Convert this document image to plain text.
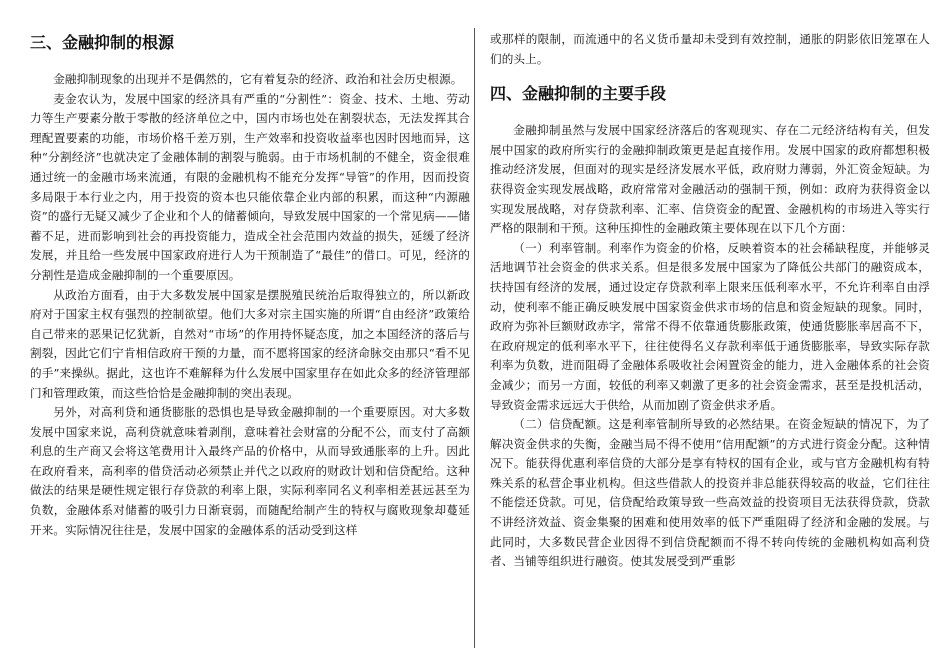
三、金融抑制的根源

金融抑制现象的出现并不是偶然的，它有着复杂的经济、政治和社会历史根源。

麦金农认为，发展中国家的经济具有严重的“分割性”：资金、技术、土地、劳动力等生产要素分散于零散的经济单位之中，国内市场也处在割裂状态，无法发挥其合理配置要素的功能，市场价格千差万别，生产效率和投资收益率也因时因地而异，这种“分割经济”也就决定了金融体制的割裂与脆弱。由于市场机制的不健全，资金很难通过统一的金融市场来流通，有限的金融机构不能充分发挥“导管”的作用，因而投资多局限于本行业之内，用于投资的资本也只能依靠企业内部的积累，而这种“内源融资”的盛行无疑又减少了企业和个人的储蓄倾向，导致发展中国家的一个常见病——储蓄不足，进而影响到社会的再投资能力，造成全社会范围内效益的损失，延缓了经济发展，并且给一些发展中国家政府进行人为干预制造了“最佳”的借口。可见，经济的分割性是造成金融抑制的一个重要原因。

从政治方面看，由于大多数发展中国家是摆脱殖民统治后取得独立的，所以新政府对于国家主权有强烈的控制欲望。他们大多对宗主国实施的所谓“自由经济”政策给自己带来的恶果记忆犹新，自然对“市场”的作用持怀疑态度，加之本国经济的落后与割裂，因此它们宁肯相信政府干预的力量，而不愿将国家的经济命脉交由那只“看不见的手”来操纵。据此，这也许不难解释为什么发展中国家里存在如此众多的经济管理部门和管理政策，而这些恰恰是金融抑制的突出表现。

另外，对高利贷和通货膨胀的恐惧也是导致金融抑制的一个重要原因。对大多数发展中国家来说，高利贷就意味着剥削，意味着社会财富的分配不公，而支付了高额利息的生产商又会将这笔费用计入最终产品的价格中，从而导致通胀率的上升。因此在政府看来，高利率的借贷活动必须禁止并代之以政府的财政计划和信贷配给。这种做法的结果是硬性规定银行存贷款的利率上限，实际利率同名义利率相差甚远甚至为负数，金融体系对储蓄的吸引力日渐衰弱，而随配给制产生的特权与腐败现象却蔓延开来。实际情况往往是，发展中国家的金融体系的活动受到这样

或那样的限制，而流通中的名义货币量却未受到有效控制，通胀的阴影依旧笼罩在人们的头上。

四、金融抑制的主要手段

金融抑制虽然与发展中国家经济落后的客观现实、存在二元经济结构有关，但发展中国家的政府所实行的金融抑制政策更是起直接作用。发展中国家的政府都想积极推动经济发展，但面对的现实是经济发展水平低，政府财力薄弱，外汇资金短缺。为获得资金实现发展战略，政府常常对金融活动的强制干预，例如：政府为获得资金以实现发展战略，对存贷款利率、汇率、信贷资金的配置、金融机构的市场进入等实行严格的限制和干预。这种压抑性的金融政策主要体现在以下几个方面：

（一）利率管制。利率作为资金的价格，反映着资本的社会稀缺程度，并能够灵活地调节社会资金的供求关系。但是很多发展中国家为了降低公共部门的融资成本，扶持国有经济的发展，通过设定存贷款利率上限来压低利率水平，不允许利率自由浮动，使利率不能正确反映发展中国家资金供求市场的信息和资金短缺的现象。同时，政府为弥补巨额财政赤字，常常不得不依靠通货膨胀政策，使通货膨胀率居高不下，在政府规定的低利率水平下，往往使得名义存款利率低于通货膨胀率，导致实际存款利率为负数，进而阻碍了金融体系吸收社会闲置资金的能力，进入金融体系的社会资金减少；而另一方面，较低的利率又刺激了更多的社会资金需求，甚至是投机活动，导致资金需求远远大于供给，从而加剧了资金供求矛盾。

（二）信贷配额。这是利率管制所导致的必然结果。在资金短缺的情况下，为了解决资金供求的失衡，金融当局不得不使用“信用配额”的方式进行资金分配。这种情况下。能获得优惠利率信贷的大部分是享有特权的国有企业，或与官方金融机构有特殊关系的私营企事业机构。但这些借款人的投资并非总能获得较高的收益，它们往往不能偿还贷款。可见，信贷配给政策导致一些高效益的投资项目无法获得贷款，贷款不讲经济效益、资金集聚的困难和使用效率的低下严重阻碍了经济和金融的发展。与此同时，大多数民营企业因得不到信贷配额而不得不转向传统的金融机构如高利贷者、当铺等组织进行融资。使其发展受到严重影
